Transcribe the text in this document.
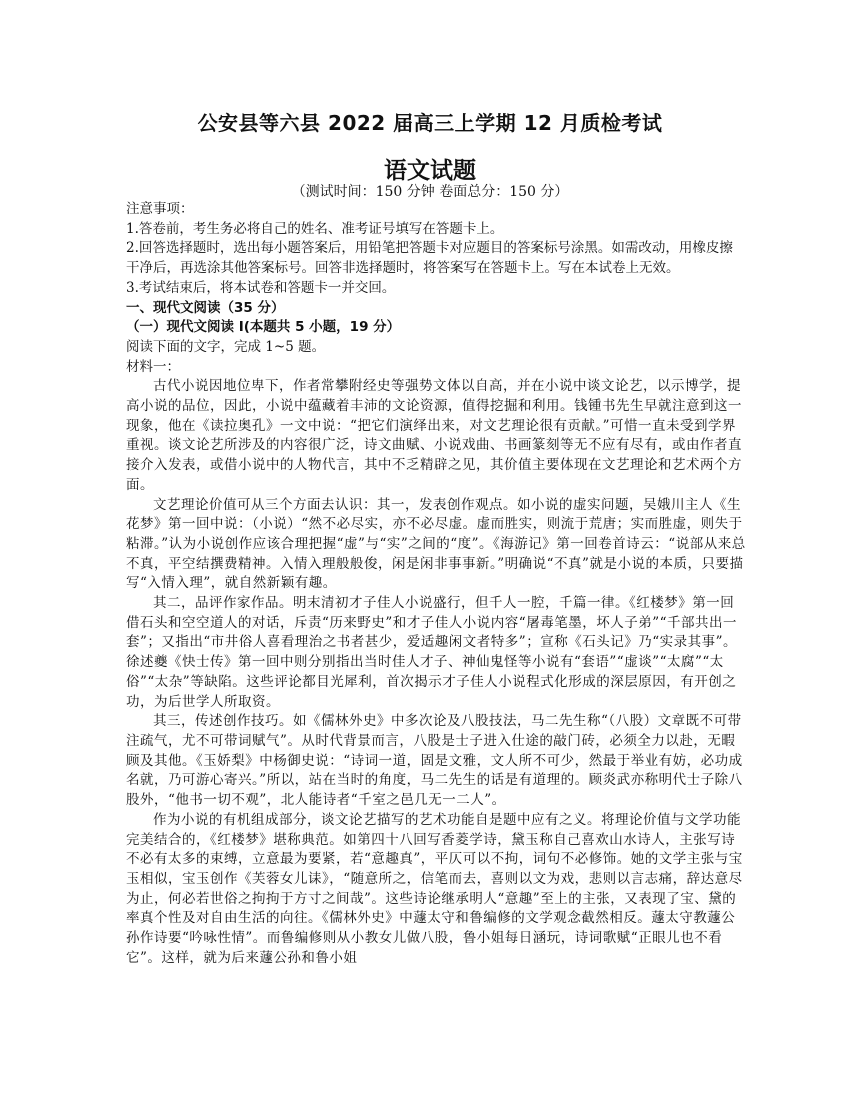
公安县等六县 2022 届高三上学期 12 月质检考试
语文试题
（测试时间：150 分钟 卷面总分：150 分）

注意事项：

1.答卷前，考生务必将自己的姓名、准考证号填写在答题卡上。

2.回答选择题时，选出每小题答案后，用铅笔把答题卡对应题目的答案标号涂黑。如需改动，用橡皮擦干净后，再选涂其他答案标号。回答非选择题时，将答案写在答题卡上。写在本试卷上无效。

3.考试结束后，将本试卷和答题卡一并交回。

一、现代文阅读（35 分）

（一）现代文阅读 I(本题共 5 小题，19 分）

阅读下面的文字，完成 1~5 题。

材料一：

古代小说因地位卑下，作者常攀附经史等强势文体以自高，并在小说中谈文论艺，以示博学，提高小说的品位，因此，小说中蕴藏着丰沛的文论资源，值得挖掘和利用。钱锺书先生早就注意到这一现象，他在《读拉奥孔》一文中说：“把它们演绎出来，对文艺理论很有贡献。”可惜一直未受到学界重视。谈文论艺所涉及的内容很广泛，诗文曲赋、小说戏曲、书画篆刻等无不应有尽有，或由作者直接介入发表，或借小说中的人物代言，其中不乏精辟之见，其价值主要体现在文艺理论和艺术两个方面。

文艺理论价值可从三个方面去认识：其一，发表创作观点。如小说的虚实问题，吴娥川主人《生花梦》第一回中说：（小说）“然不必尽实，亦不必尽虚。虚而胜实，则流于荒唐；实而胜虚，则失于粘滞。”认为小说创作应该合理把握“虚”与“实”之间的“度”。《海游记》第一回卷首诗云：“说部从来总不真，平空结撰费精神。入情入理般般俊，闲是闲非事事新。”明确说“不真”就是小说的本质，只要描写“入情入理”，就自然新颖有趣。

其二，品评作家作品。明末清初才子佳人小说盛行，但千人一腔，千篇一律。《红楼梦》第一回借石头和空空道人的对话，斥责“历来野史”和才子佳人小说内容“屠毒笔墨，坏人子弟”“千部共出一套”；又指出“市井俗人喜看理治之书者甚少，爱适趣闲文者特多”；宣称《石头记》乃“实录其事”。徐述夔《快士传》第一回中则分别指出当时佳人才子、神仙鬼怪等小说有“套语”“虚谈”“太腐”“太俗”“太杂”等缺陷。这些评论都目光犀利，首次揭示才子佳人小说程式化形成的深层原因，有开创之功，为后世学人所取资。

其三，传述创作技巧。如《儒林外史》中多次论及八股技法，马二先生称“（八股）文章既不可带注疏气，尤不可带词赋气”。从时代背景而言，八股是士子进入仕途的敲门砖，必须全力以赴，无暇顾及其他。《玉娇梨》中杨御史说：“诗词一道，固是文雅，文人所不可少，然最于举业有妨，必功成名就，乃可游心寄兴。”所以，站在当时的角度，马二先生的话是有道理的。顾炎武亦称明代士子除八股外，“他书一切不观”，北人能诗者“千室之邑几无一二人”。

作为小说的有机组成部分，谈文论艺描写的艺术功能自是题中应有之义。将理论价值与文学功能完美结合的，《红楼梦》堪称典范。如第四十八回写香菱学诗，黛玉称自己喜欢山水诗人，主张写诗不必有太多的束缚，立意最为要紧，若“意趣真”，平仄可以不拘，词句不必修饰。她的文学主张与宝玉相似，宝玉创作《芙蓉女儿诔》，“随意所之，信笔而去，喜则以文为戏，悲则以言志痛，辞达意尽为止，何必若世俗之拘拘于方寸之间哉”。这些诗论继承明人“意趣”至上的主张，又表现了宝、黛的率真个性及对自由生活的向往。《儒林外史》中蘧太守和鲁编修的文学观念截然相反。蘧太守教蘧公孙作诗要“吟咏性情”。而鲁编修则从小教女儿做八股，鲁小姐每日涵玩，诗词歌赋“正眼儿也不看它”。这样，就为后来蘧公孙和鲁小姐
